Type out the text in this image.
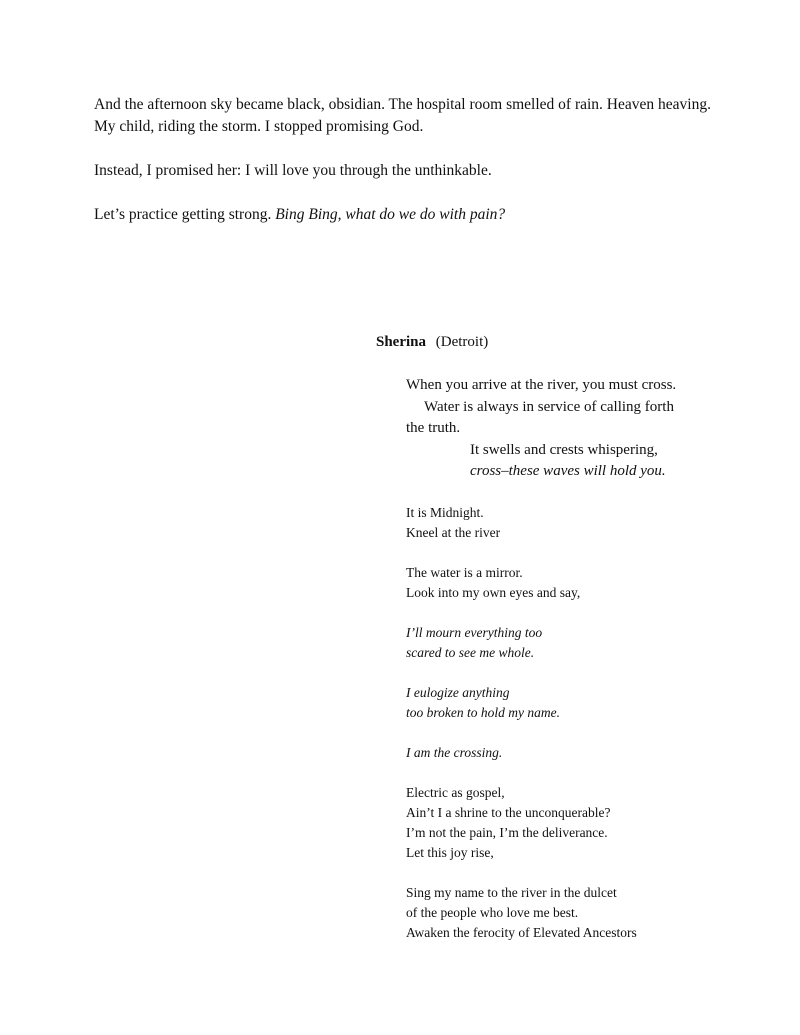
And the afternoon sky became black, obsidian. The hospital room smelled of rain. Heaven heaving. My child, riding the storm. I stopped promising God.

Instead, I promised her: I will love you through the unthinkable.

Let’s practice getting strong. Bing Bing, what do we do with pain?

Sherina (Detroit)
When you arrive at the river, you must cross.
Water is always in service of calling forth
the truth.
It swells and crests whispering,
cross–these waves will hold you.
It is Midnight.
Kneel at the river
The water is a mirror.
Look into my own eyes and say,
I’ll mourn everything too
scared to see me whole.
I eulogize anything
too broken to hold my name.
I am the crossing.
Electric as gospel,
Ain’t I a shrine to the unconquerable?
I’m not the pain, I’m the deliverance.
Let this joy rise,
Sing my name to the river in the dulcet
of the people who love me best.
Awaken the ferocity of Elevated Ancestors
